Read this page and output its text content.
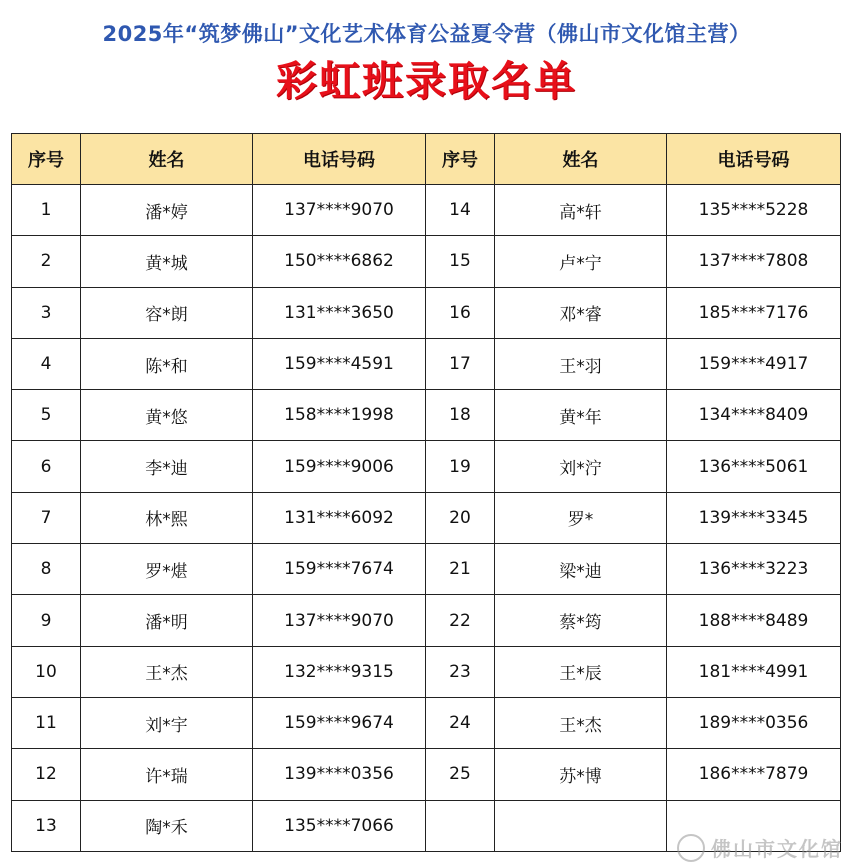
2025年“筑梦佛山”文化艺术体育公益夏令营（佛山市文化馆主营）
彩虹班录取名单
序号	姓名	电话号码	序号	姓名	电话号码
1	潘*婷	137****9070	14	高*轩	135****5228
2	黄*城	150****6862	15	卢*宁	137****7808
3	容*朗	131****3650	16	邓*睿	185****7176
4	陈*和	159****4591	17	王*羽	159****4917
5	黄*悠	158****1998	18	黄*年	134****8409
6	李*迪	159****9006	19	刘*泞	136****5061
7	林*熙	131****6092	20	罗*	139****3345
8	罗*煁	159****7674	21	梁*迪	136****3223
9	潘*明	137****9070	22	蔡*筠	188****8489
10	王*杰	132****9315	23	王*辰	181****4991
11	刘*宇	159****9674	24	王*杰	189****0356
12	许*瑞	139****0356	25	苏*博	186****7879
13	陶*禾	135****7066			
佛山市文化馆
